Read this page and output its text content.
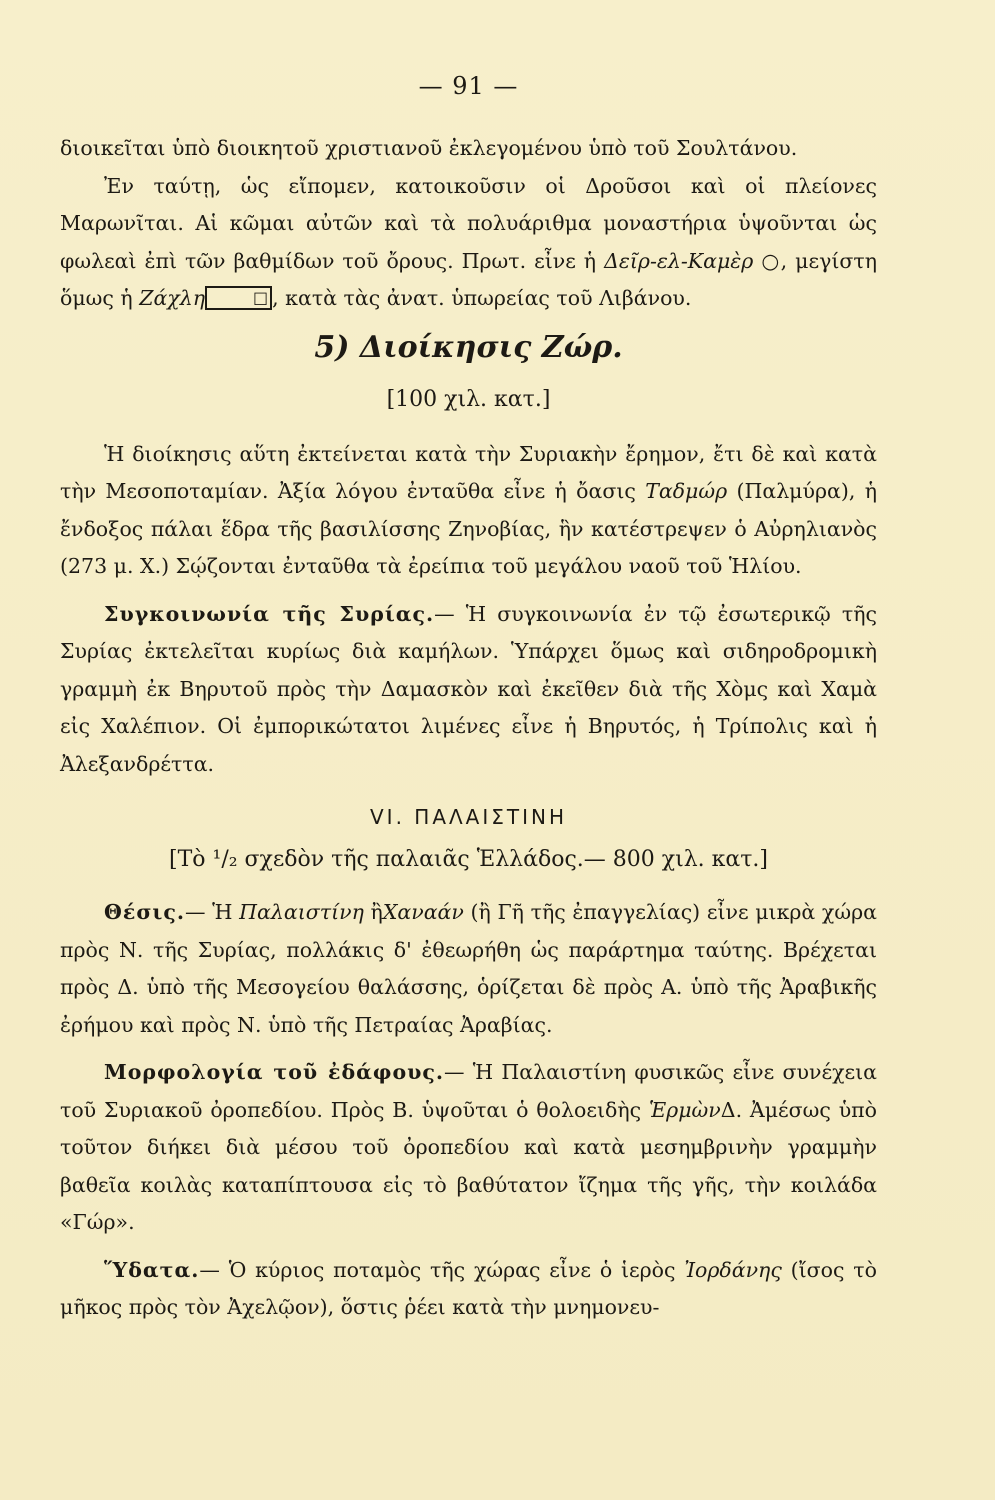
— 91 —

διοικεῖται ὑπὸ διοικητοῦ χριστιανοῦ ἐκλεγομένου ὑπὸ τοῦ Σουλτάνου.

Ἐν ταύτῃ, ὡς εἴπομεν, κατοικοῦσιν οἱ Δροῦσοι καὶ οἱ πλείονες Μαρωνῖται. Αἱ κῶμαι αὐτῶν καὶ τὰ πολυάριθμα μοναστήρια ὑψοῦνται ὡς φωλεαὶ ἐπὶ τῶν βαθμίδων τοῦ ὄρους. Πρωτ. εἶνε ἡ Δεῖρ-ελ-Καμὲρ ○, μεγίστη ὅμως ἡ Ζάχλη	□ , κατὰ τὰς ἀνατ. ὑπωρείας τοῦ Λιβάνου.

5) Διοίκησις Ζώρ.
[100 χιλ. κατ.]

Ἡ διοίκησις αὕτη ἐκτείνεται κατὰ τὴν Συριακὴν ἔρημον, ἔτι δὲ καὶ κατὰ τὴν Μεσοποταμίαν. Ἀξία λόγου ἐνταῦθα εἶνε ἡ ὄασις Ταδμώρ (Παλμύρα), ἡ ἔνδοξος πάλαι ἕδρα τῆς βασιλίσσης Ζηνοβίας, ἣν κατέστρεψεν ὁ Αὐρηλιανὸς (273 μ. Χ.) Σῴζονται ἐνταῦθα τὰ ἐρείπια τοῦ μεγάλου ναοῦ τοῦ Ἡλίου.

Συγκοινωνία τῆς Συρίας.— Ἡ συγκοινωνία ἐν τῷ ἐσωτερικῷ τῆς Συρίας ἐκτελεῖται κυρίως διὰ καμήλων. Ὑπάρχει ὅμως καὶ σιδηροδρομικὴ γραμμὴ ἐκ Βηρυτοῦ πρὸς τὴν Δαμασκὸν καὶ ἐκεῖθεν διὰ τῆς Χὸμς καὶ Χαμὰ εἰς Χαλέπιον. Οἱ ἐμπορικώτατοι λιμένες εἶνε ἡ Βηρυτός, ἡ Τρίπολις καὶ ἡ Ἀλεξανδρέττα.

VI. ΠΑΛΑΙΣΤΙΝΗ
[Τὸ ¹/₂ σχεδὸν τῆς παλαιᾶς Ἑλλάδος.— 800 χιλ. κατ.]

Θέσις.— Ἡ Παλαιστίνη ἢΧαναάν (ἢ Γῆ τῆς ἐπαγγελίας) εἶνε μικρὰ χώρα πρὸς Ν. τῆς Συρίας, πολλάκις δ' ἐθεωρήθη ὡς παράρτημα ταύτης. Βρέχεται πρὸς Δ. ὑπὸ τῆς Μεσογείου θαλάσσης, ὁρίζεται δὲ πρὸς Α. ὑπὸ τῆς Ἀραβικῆς ἐρήμου καὶ πρὸς Ν. ὑπὸ τῆς Πετραίας Ἀραβίας.

Μορφολογία τοῦ ἐδάφους.— Ἡ Παλαιστίνη φυσικῶς εἶνε συνέχεια τοῦ Συριακοῦ ὀροπεδίου. Πρὸς Β. ὑψοῦται ὁ θολοειδὴς ἙρμὼνΔ. Ἀμέσως ὑπὸ τοῦτον διήκει διὰ μέσου τοῦ ὀροπεδίου καὶ κατὰ μεσημβρινὴν γραμμὴν βαθεῖα κοιλὰς καταπίπτουσα εἰς τὸ βαθύτατον ἴζημα τῆς γῆς, τὴν κοιλάδα «Γώρ».

Ὕδατα.— Ὁ κύριος ποταμὸς τῆς χώρας εἶνε ὁ ἱερὸς Ἰορδάνης (ἴσος τὸ μῆκος πρὸς τὸν Ἀχελῷον), ὅστις ῥέει κατὰ τὴν μνημονευ-
